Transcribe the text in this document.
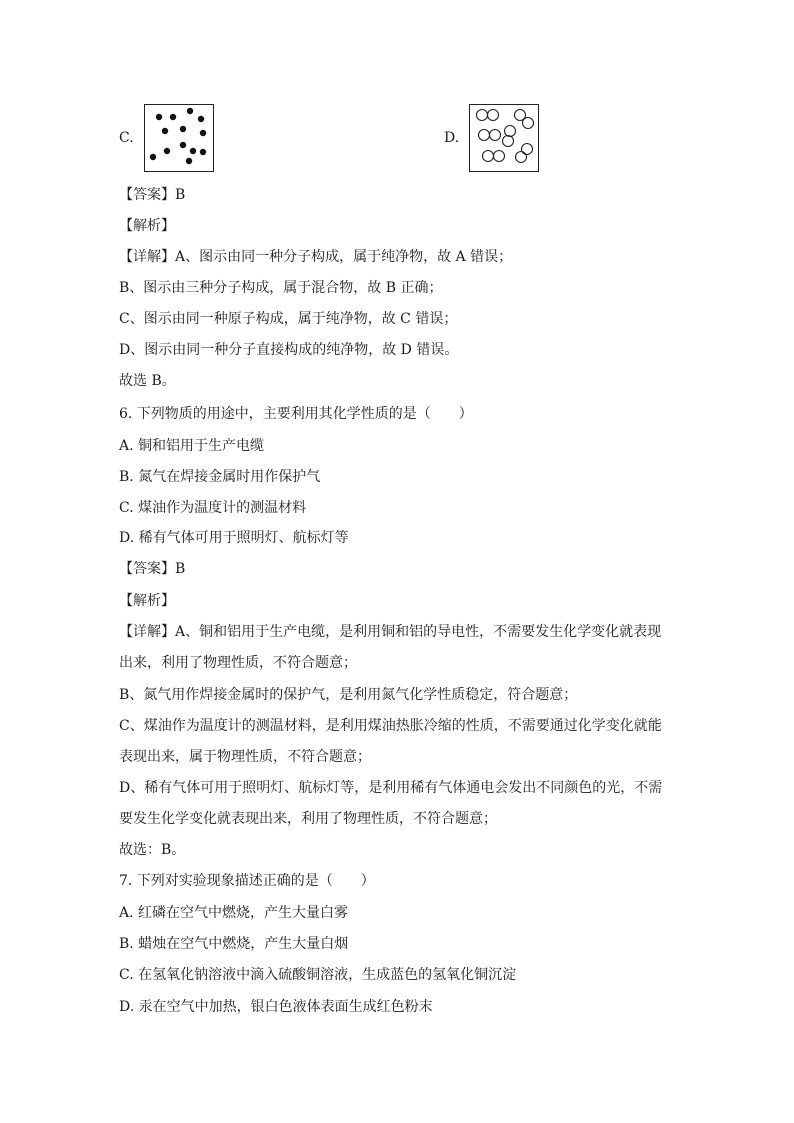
C.	D.
【答案】B
【解析】
【详解】A、图示由同一种分子构成，属于纯净物，故 A 错误；
B、图示由三种分子构成，属于混合物，故 B 正确；
C、图示由同一种原子构成，属于纯净物，故 C 错误；
D、图示由同一种分子直接构成的纯净物，故 D 错误。
故选 B。
6. 下列物质的用途中，主要利用其化学性质的是（　　）
A. 铜和铝用于生产电缆
B. 氮气在焊接金属时用作保护气
C. 煤油作为温度计的测温材料
D. 稀有气体可用于照明灯、航标灯等
【答案】B
【解析】
【详解】A、铜和铝用于生产电缆，是利用铜和铝的导电性，不需要发生化学变化就表现
出来，利用了物理性质，不符合题意；
B、氮气用作焊接金属时的保护气，是利用氮气化学性质稳定，符合题意；
C、煤油作为温度计的测温材料，是利用煤油热胀冷缩的性质，不需要通过化学变化就能
表现出来，属于物理性质，不符合题意；
D、稀有气体可用于照明灯、航标灯等，是利用稀有气体通电会发出不同颜色的光，不需
要发生化学变化就表现出来，利用了物理性质，不符合题意；
故选：B。
7. 下列对实验现象描述正确的是（　　）
A. 红磷在空气中燃烧，产生大量白雾
B. 蜡烛在空气中燃烧，产生大量白烟
C. 在氢氧化钠溶液中滴入硫酸铜溶液，生成蓝色的氢氧化铜沉淀
D. 汞在空气中加热，银白色液体表面生成红色粉末
